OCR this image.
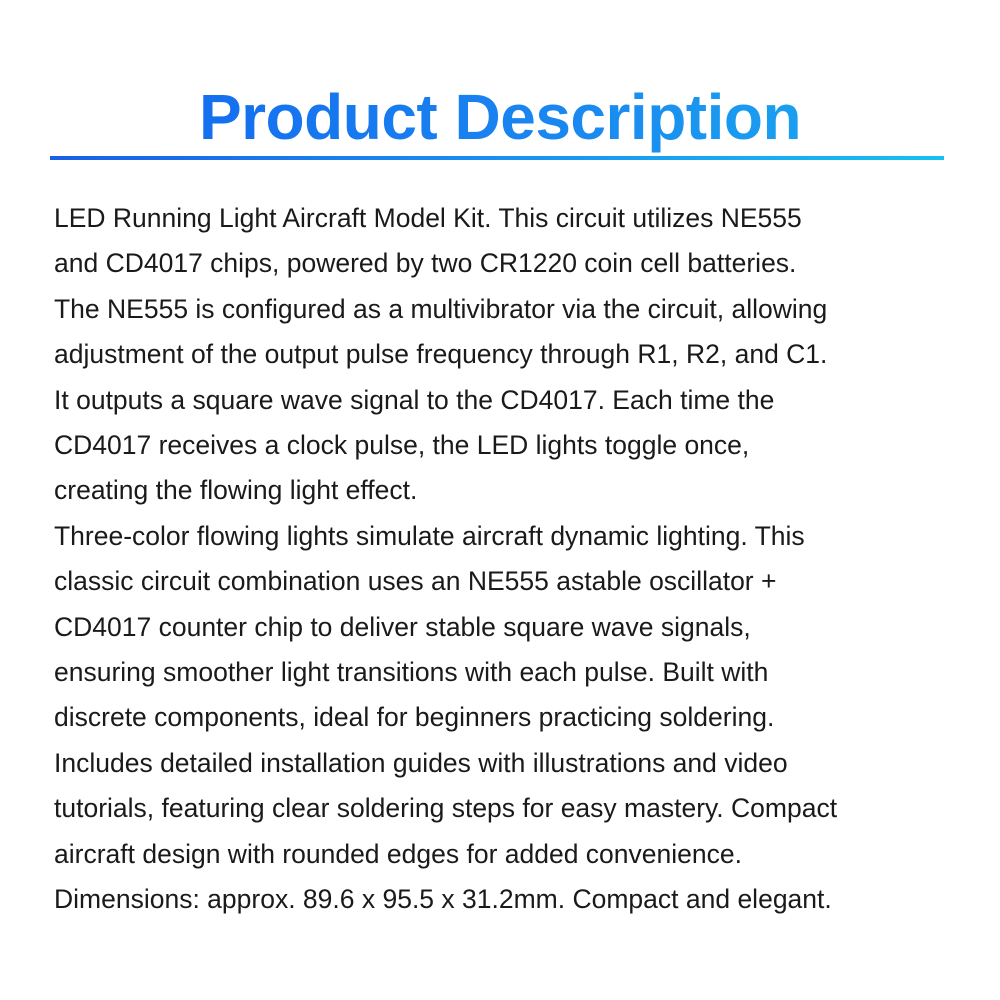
Product Description

LED Running Light Aircraft Model Kit. This circuit utilizes NE555
and CD4017 chips, powered by two CR1220 coin cell batteries.
The NE555 is configured as a multivibrator via the circuit, allowing
adjustment of the output pulse frequency through R1, R2, and C1.
It outputs a square wave signal to the CD4017. Each time the
CD4017 receives a clock pulse, the LED lights toggle once,
creating the flowing light effect.
Three-color flowing lights simulate aircraft dynamic lighting. This
classic circuit combination uses an NE555 astable oscillator +
CD4017 counter chip to deliver stable square wave signals,
ensuring smoother light transitions with each pulse. Built with
discrete components, ideal for beginners practicing soldering.
Includes detailed installation guides with illustrations and video
tutorials, featuring clear soldering steps for easy mastery. Compact
aircraft design with rounded edges for added convenience.
Dimensions: approx. 89.6 x 95.5 x 31.2mm. Compact and elegant.
